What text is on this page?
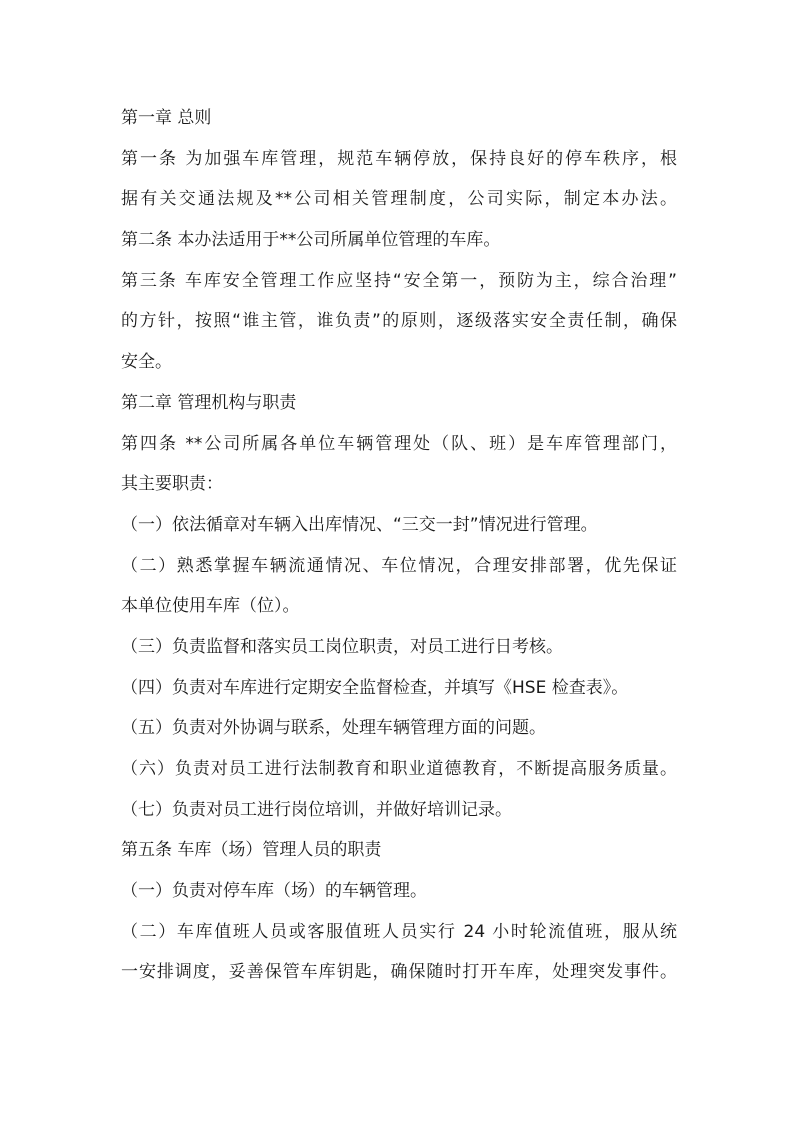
第一章 总则
第一条 为加强车库管理，规范车辆停放，保持良好的停车秩序，根
据有关交通法规及**公司相关管理制度，公司实际，制定本办法。
第二条 本办法适用于**公司所属单位管理的车库。
第三条 车库安全管理工作应坚持“安全第一，预防为主，综合治理”
的方针，按照“谁主管，谁负责”的原则，逐级落实安全责任制，确保
安全。
第二章 管理机构与职责
第四条 **公司所属各单位车辆管理处（队、班）是车库管理部门，
其主要职责：
（一）依法循章对车辆入出库情况、“三交一封”情况进行管理。
（二）熟悉掌握车辆流通情况、车位情况，合理安排部署，优先保证
本单位使用车库（位）。
（三）负责监督和落实员工岗位职责，对员工进行日考核。
（四）负责对车库进行定期安全监督检查，并填写《HSE 检查表》。
（五）负责对外协调与联系，处理车辆管理方面的问题。
（六）负责对员工进行法制教育和职业道德教育，不断提高服务质量。
（七）负责对员工进行岗位培训，并做好培训记录。
第五条 车库（场）管理人员的职责
（一）负责对停车库（场）的车辆管理。
（二）车库值班人员或客服值班人员实行 24 小时轮流值班，服从统
一安排调度，妥善保管车库钥匙，确保随时打开车库，处理突发事件。
